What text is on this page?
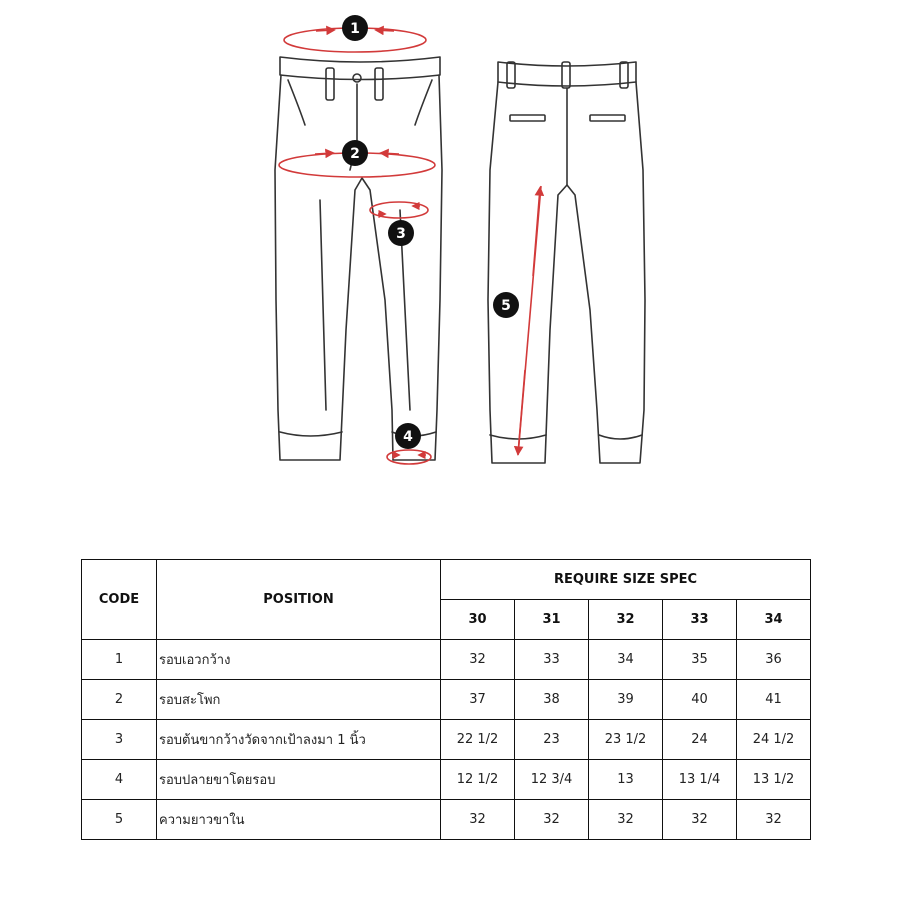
1
2
3
4
5
CODE	POSITION	REQUIRE SIZE SPEC				
		30	31	32	33	34
1	รอบเอวกว้าง	32	33	34	35	36
2	รอบสะโพก	37	38	39	40	41
3	รอบต้นขากว้างวัดจากเป้าลงมา 1 นิ้ว	22 1/2	23	23 1/2	24	24 1/2
4	รอบปลายขาโดยรอบ	12 1/2	12 3/4	13	13 1/4	13 1/2
5	ความยาวขาใน	32	32	32	32	32
